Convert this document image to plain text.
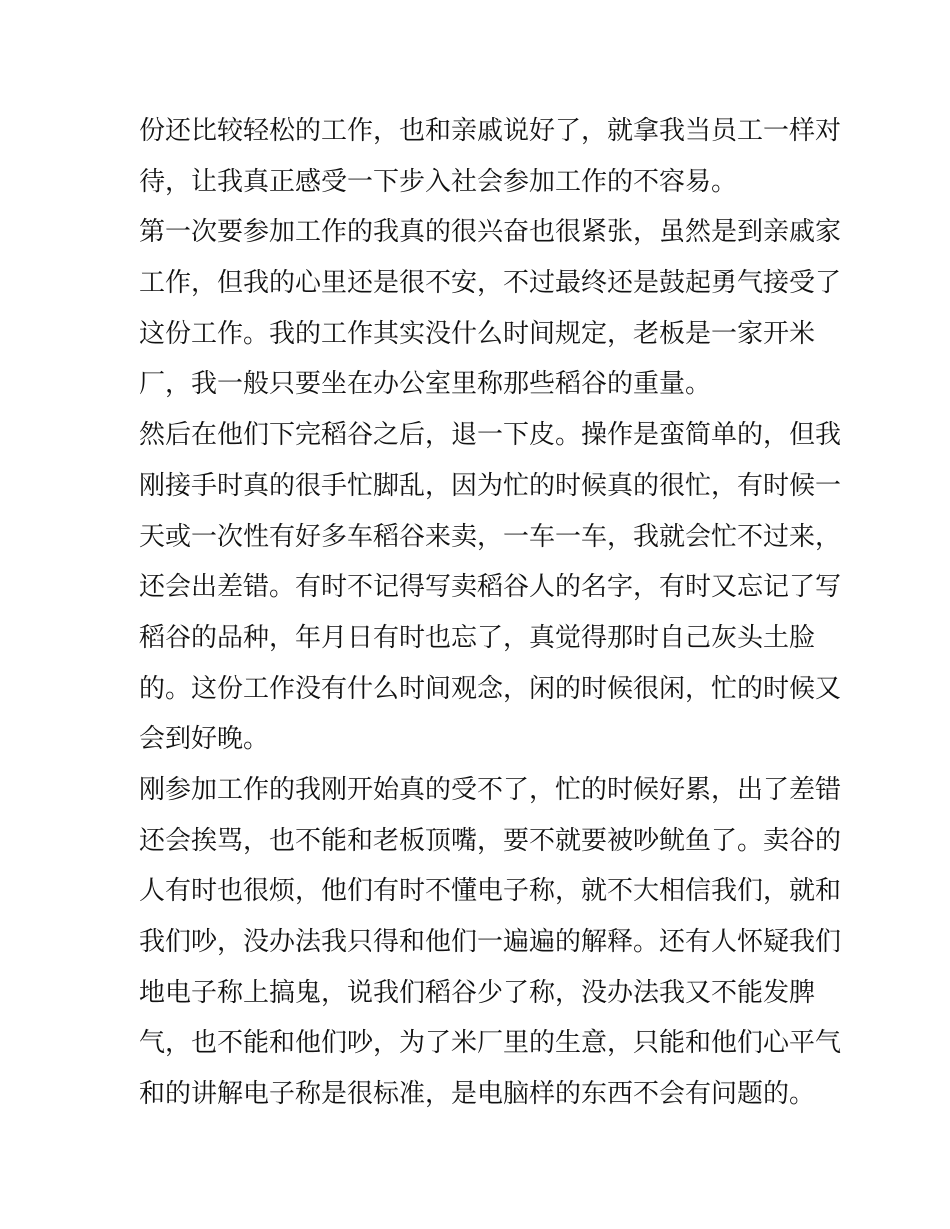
份还比较轻松的工作，也和亲戚说好了，就拿我当员工一样对
待，让我真正感受一下步入社会参加工作的不容易。
第一次要参加工作的我真的很兴奋也很紧张，虽然是到亲戚家
工作，但我的心里还是很不安，不过最终还是鼓起勇气接受了
这份工作。我的工作其实没什么时间规定，老板是一家开米
厂，我一般只要坐在办公室里称那些稻谷的重量。
然后在他们下完稻谷之后，退一下皮。操作是蛮简单的，但我
刚接手时真的很手忙脚乱，因为忙的时候真的很忙，有时候一
天或一次性有好多车稻谷来卖，一车一车，我就会忙不过来，
还会出差错。有时不记得写卖稻谷人的名字，有时又忘记了写
稻谷的品种，年月日有时也忘了，真觉得那时自己灰头土脸
的。这份工作没有什么时间观念，闲的时候很闲，忙的时候又
会到好晚。
刚参加工作的我刚开始真的受不了，忙的时候好累，出了差错
还会挨骂，也不能和老板顶嘴，要不就要被吵鱿鱼了。卖谷的
人有时也很烦，他们有时不懂电子称，就不大相信我们，就和
我们吵，没办法我只得和他们一遍遍的解释。还有人怀疑我们
地电子称上搞鬼，说我们稻谷少了称，没办法我又不能发脾
气，也不能和他们吵，为了米厂里的生意，只能和他们心平气
和的讲解电子称是很标准，是电脑样的东西不会有问题的。
